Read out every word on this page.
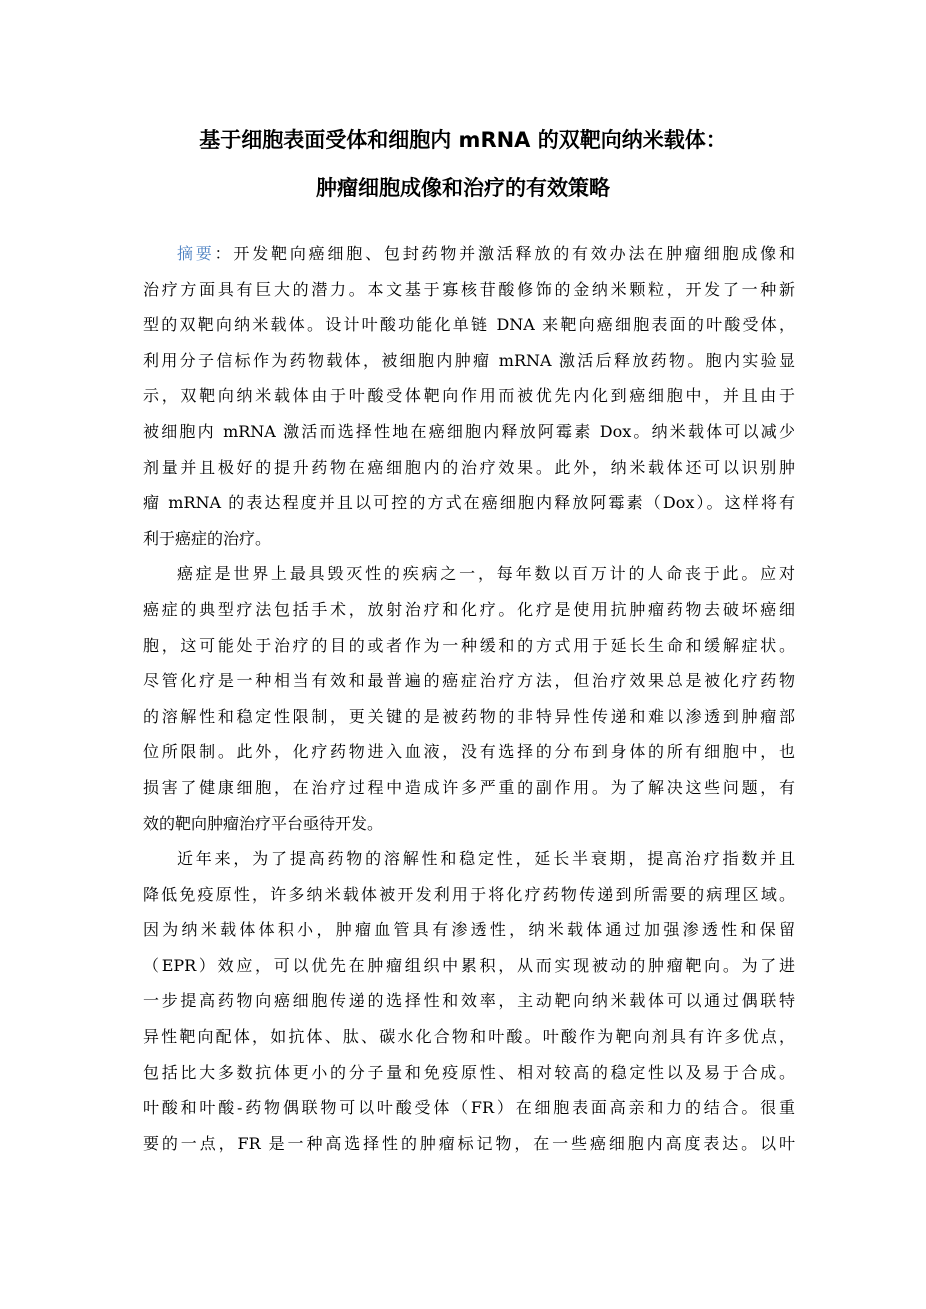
基于细胞表面受体和细胞内 mRNA 的双靶向纳米载体：
肿瘤细胞成像和治疗的有效策略
摘要：开发靶向癌细胞、包封药物并激活释放的有效办法在肿瘤细胞成像和
治疗方面具有巨大的潜力。本文基于寡核苷酸修饰的金纳米颗粒，开发了一种新
型的双靶向纳米载体。设计叶酸功能化单链 DNA 来靶向癌细胞表面的叶酸受体，
利用分子信标作为药物载体，被细胞内肿瘤 mRNA 激活后释放药物。胞内实验显
示，双靶向纳米载体由于叶酸受体靶向作用而被优先内化到癌细胞中，并且由于
被细胞内 mRNA 激活而选择性地在癌细胞内释放阿霉素 Dox。纳米载体可以减少
剂量并且极好的提升药物在癌细胞内的治疗效果。此外，纳米载体还可以识别肿
瘤 mRNA 的表达程度并且以可控的方式在癌细胞内释放阿霉素（Dox）。这样将有
利于癌症的治疗。
癌症是世界上最具毁灭性的疾病之一，每年数以百万计的人命丧于此。应对
癌症的典型疗法包括手术，放射治疗和化疗。化疗是使用抗肿瘤药物去破坏癌细
胞，这可能处于治疗的目的或者作为一种缓和的方式用于延长生命和缓解症状。
尽管化疗是一种相当有效和最普遍的癌症治疗方法，但治疗效果总是被化疗药物
的溶解性和稳定性限制，更关键的是被药物的非特异性传递和难以渗透到肿瘤部
位所限制。此外，化疗药物进入血液，没有选择的分布到身体的所有细胞中，也
损害了健康细胞，在治疗过程中造成许多严重的副作用。为了解决这些问题，有
效的靶向肿瘤治疗平台亟待开发。
近年来，为了提高药物的溶解性和稳定性，延长半衰期，提高治疗指数并且
降低免疫原性，许多纳米载体被开发利用于将化疗药物传递到所需要的病理区域。
因为纳米载体体积小，肿瘤血管具有渗透性，纳米载体通过加强渗透性和保留
（EPR）效应，可以优先在肿瘤组织中累积，从而实现被动的肿瘤靶向。为了进
一步提高药物向癌细胞传递的选择性和效率，主动靶向纳米载体可以通过偶联特
异性靶向配体，如抗体、肽、碳水化合物和叶酸。叶酸作为靶向剂具有许多优点，
包括比大多数抗体更小的分子量和免疫原性、相对较高的稳定性以及易于合成。
叶酸和叶酸-药物偶联物可以叶酸受体（FR）在细胞表面高亲和力的结合。很重
要的一点，FR 是一种高选择性的肿瘤标记物，在一些癌细胞内高度表达。以叶
